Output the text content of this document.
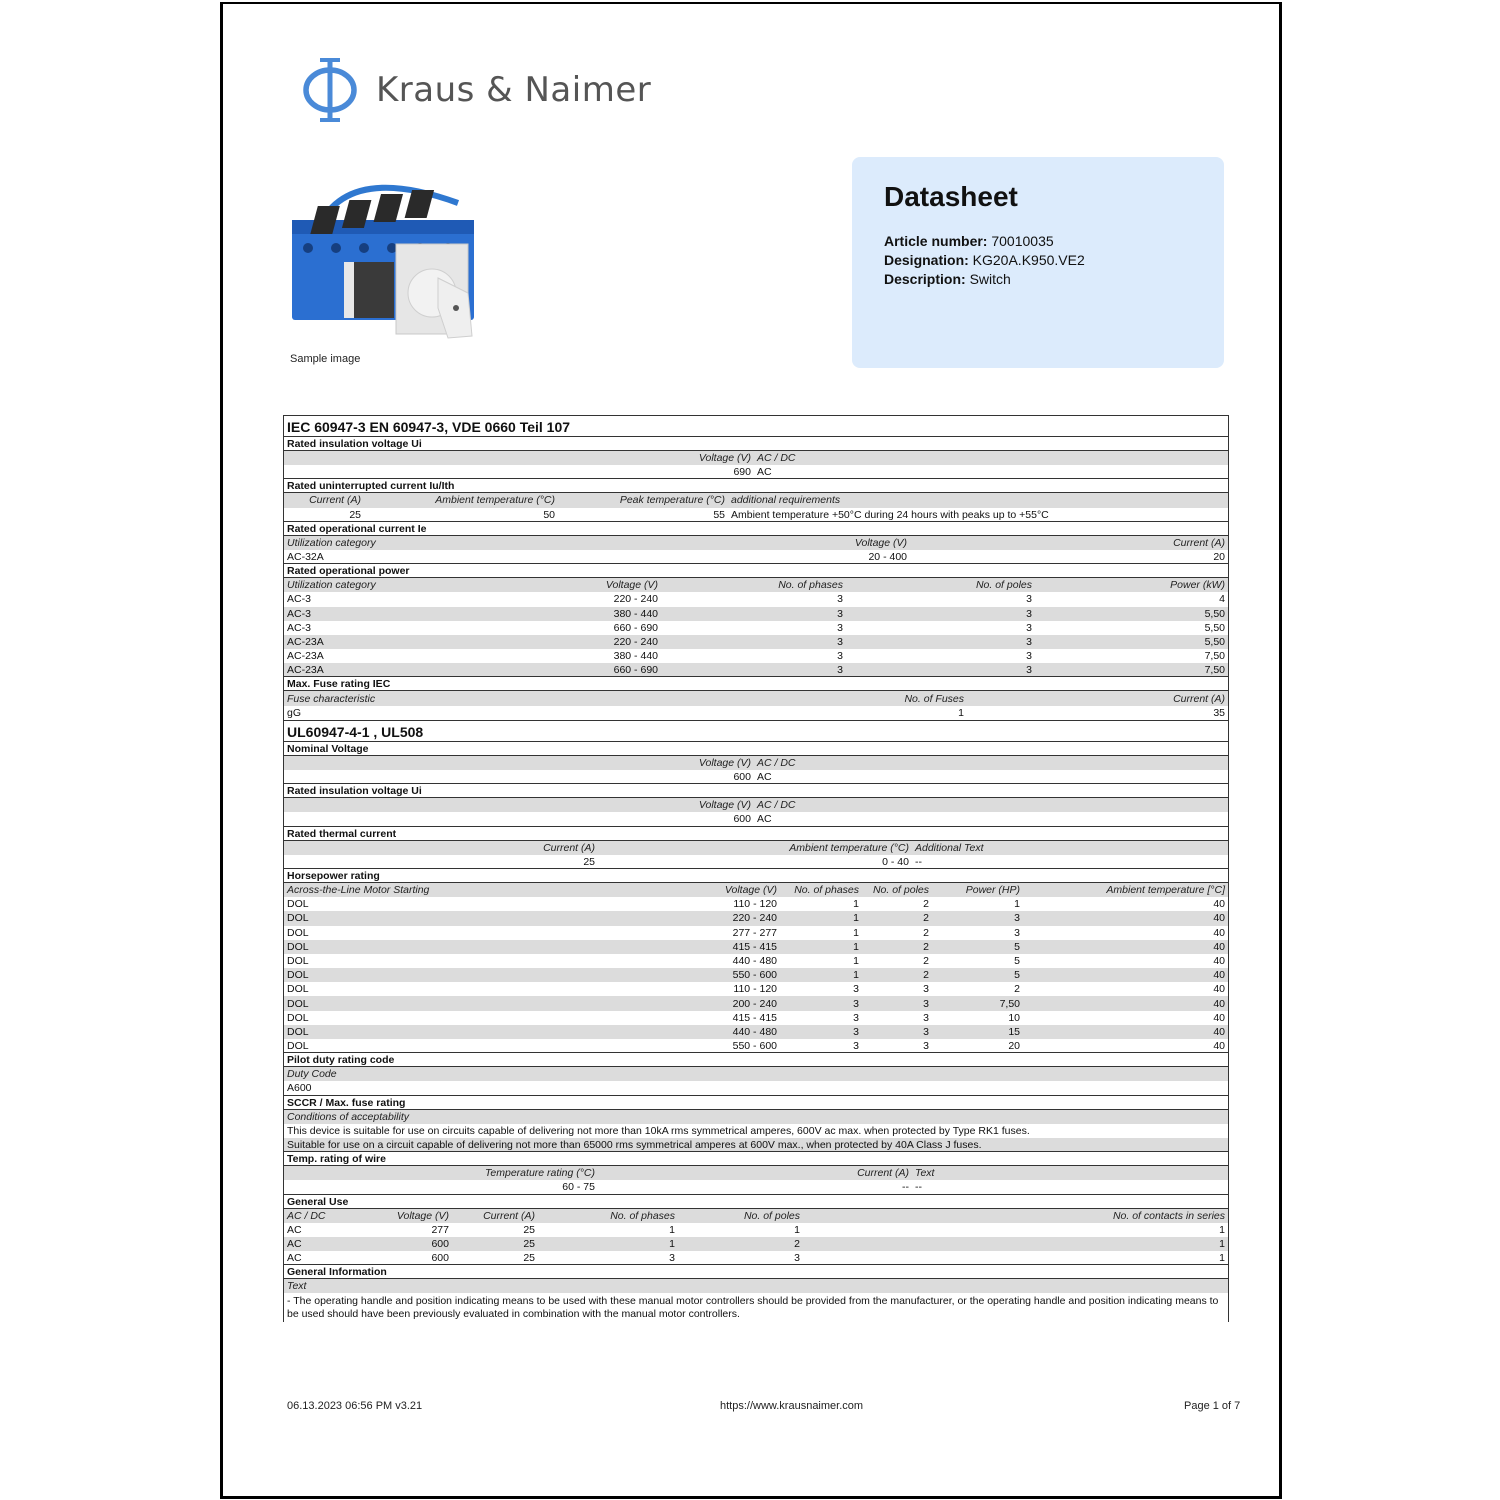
Kraus & Naimer
Sample image
Datasheet
Article number: 70010035
Designation: KG20A.K950.VE2
Description: Switch
IEC 60947-3 EN 60947-3, VDE 0660 Teil 107
Rated insulation voltage Ui
Voltage (V)	AC / DC
690	AC
Rated uninterrupted current Iu/Ith
Current (A)	Ambient temperature (°C)	Peak temperature (°C)	additional requirements
25	50	55	Ambient temperature +50°C during 24 hours with peaks up to +55°C
Rated operational current Ie
Utilization category	Voltage (V)	Current (A)
AC-32A	20 - 400	20
Rated operational power
Utilization category	Voltage (V)	No. of phases	No. of poles	Power (kW)
AC-3	220 - 240	3	3	4
AC-3	380 - 440	3	3	5,50
AC-3	660 - 690	3	3	5,50
AC-23A	220 - 240	3	3	5,50
AC-23A	380 - 440	3	3	7,50
AC-23A	660 - 690	3	3	7,50
Max. Fuse rating IEC
Fuse characteristic	No. of Fuses	Current (A)
gG	1	35
UL60947-4-1 , UL508
Nominal Voltage
Voltage (V)	AC / DC
600	AC
Rated insulation voltage Ui
Voltage (V)	AC / DC
600	AC
Rated thermal current
Current (A)	Ambient temperature (°C)	Additional Text
25	0 - 40	--
Horsepower rating
Across-the-Line Motor Starting	Voltage (V)	No. of phases	No. of poles	Power (HP)	Ambient temperature [°C]
DOL	110 - 120	1	2	1	40
DOL	220 - 240	1	2	3	40
DOL	277 - 277	1	2	3	40
DOL	415 - 415	1	2	5	40
DOL	440 - 480	1	2	5	40
DOL	550 - 600	1	2	5	40
DOL	110 - 120	3	3	2	40
DOL	200 - 240	3	3	7,50	40
DOL	415 - 415	3	3	10	40
DOL	440 - 480	3	3	15	40
DOL	550 - 600	3	3	20	40
Pilot duty rating code
Duty Code
A600
SCCR / Max. fuse rating
Conditions of acceptability
This device is suitable for use on circuits capable of delivering not more than 10kA rms symmetrical amperes, 600V ac max. when protected by Type RK1 fuses.
Suitable for use on a circuit capable of delivering not more than 65000 rms symmetrical amperes at 600V max., when protected by 40A Class J fuses.
Temp. rating of wire
Temperature rating (°C)	Current (A)	Text
60 - 75	--	--
General Use
AC / DC	Voltage (V)	Current (A)	No. of phases	No. of poles	No. of contacts in series
AC	277	25	1	1	1
AC	600	25	1	2	1
AC	600	25	3	3	1
General Information
Text
- The operating handle and position indicating means to be used with these manual motor controllers should be provided from the manufacturer, or the operating handle and position indicating means to be used should have been previously evaluated in combination with the manual motor controllers.
06.13.2023 06:56 PM v3.21	https://www.krausnaimer.com	Page 1 of 7
